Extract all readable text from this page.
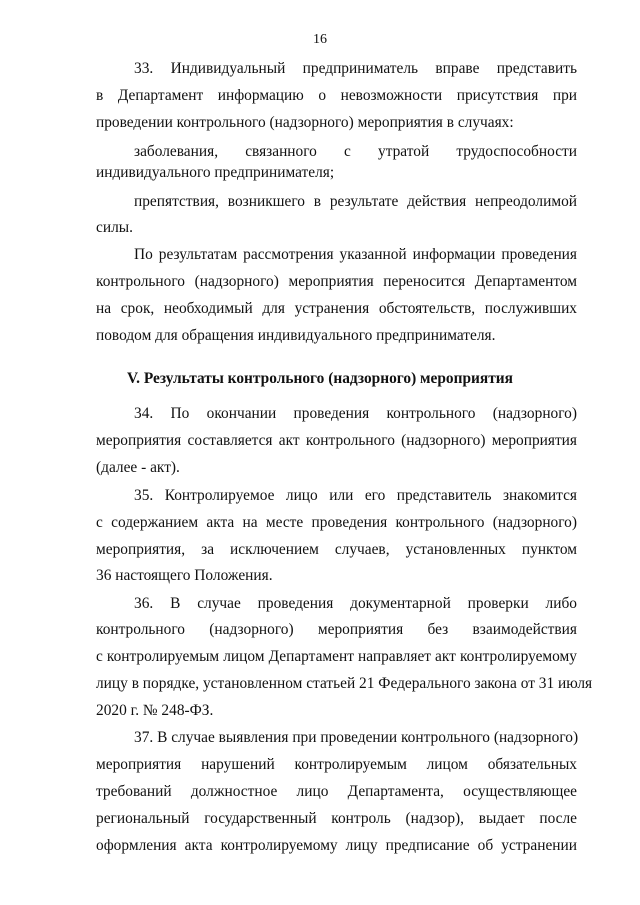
16
33. Индивидуальный предприниматель вправе представить
в Департамент информацию о невозможности присутствия при
проведении контрольного (надзорного) мероприятия в случаях:
заболевания, связанного с утратой трудоспособности
индивидуального предпринимателя;
препятствия, возникшего в результате действия непреодолимой
силы.
По результатам рассмотрения указанной информации проведения
контрольного (надзорного) мероприятия переносится Департаментом
на срок, необходимый для устранения обстоятельств, послуживших
поводом для обращения индивидуального предпринимателя.
V. Результаты контрольного (надзорного) мероприятия
34. По окончании проведения контрольного (надзорного)
мероприятия составляется акт контрольного (надзорного) мероприятия
(далее - акт).
35. Контролируемое лицо или его представитель знакомится
с содержанием акта на месте проведения контрольного (надзорного)
мероприятия, за исключением случаев, установленных пунктом
36 настоящего Положения.
36. В случае проведения документарной проверки либо
контрольного (надзорного) мероприятия без взаимодействия
с контролируемым лицом Департамент направляет акт контролируемому
лицу в порядке, установленном статьей 21 Федерального закона от 31 июля
2020 г. № 248-ФЗ.
37. В случае выявления при проведении контрольного (надзорного)
мероприятия нарушений контролируемым лицом обязательных
требований должностное лицо Департамента, осуществляющее
региональный государственный контроль (надзор), выдает после
оформления акта контролируемому лицу предписание об устранении
